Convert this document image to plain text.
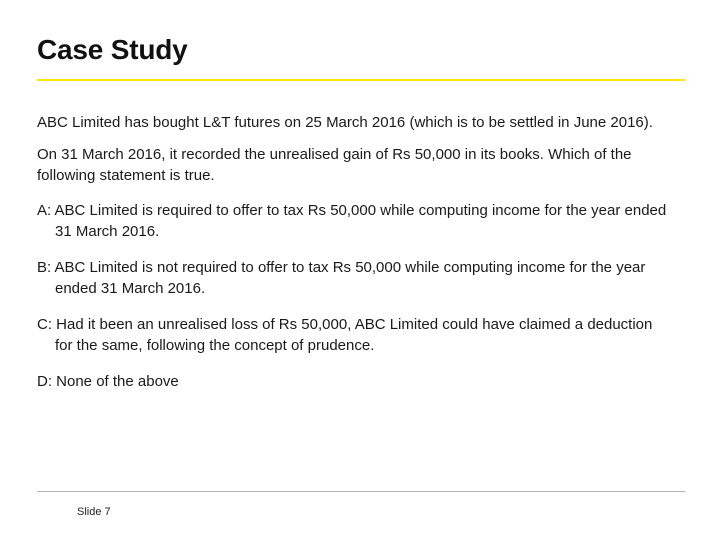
Case Study

ABC Limited has bought L&T futures on 25 March 2016 (which is to be settled in June 2016).

On 31 March 2016, it recorded the unrealised gain of Rs 50,000 in its books. Which of the following statement is true.

A: ABC Limited is required to offer to tax Rs 50,000 while computing income for the year ended 31 March 2016.

B: ABC Limited is not required to offer to tax Rs 50,000 while computing income for the year ended 31 March 2016.

C: Had it been an unrealised loss of Rs 50,000, ABC Limited could have claimed a deduction for the same, following the concept of prudence.

D: None of the above

Slide 7
